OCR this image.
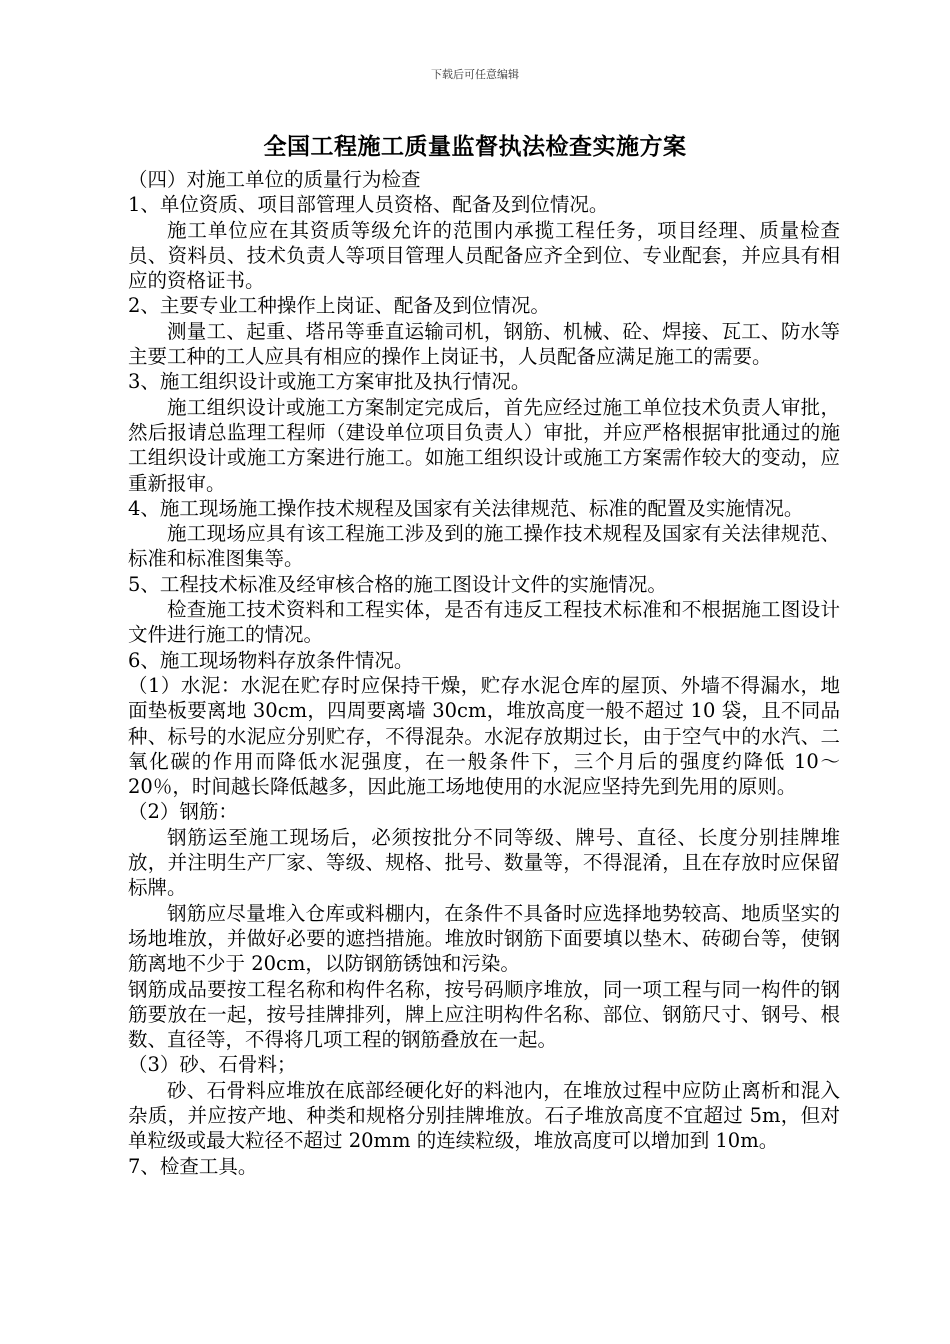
下载后可任意编辑
全国工程施工质量监督执法检查实施方案

（四）对施工单位的质量行为检查

1、单位资质、项目部管理人员资格、配备及到位情况。

施工单位应在其资质等级允许的范围内承揽工程任务，项目经理、质量检查员、资料员、技术负责人等项目管理人员配备应齐全到位、专业配套，并应具有相应的资格证书。

2、主要专业工种操作上岗证、配备及到位情况。

测量工、起重、塔吊等垂直运输司机，钢筋、机械、砼、焊接、瓦工、防水等主要工种的工人应具有相应的操作上岗证书，人员配备应满足施工的需要。

3、施工组织设计或施工方案审批及执行情况。

施工组织设计或施工方案制定完成后，首先应经过施工单位技术负责人审批，然后报请总监理工程师（建设单位项目负责人）审批，并应严格根据审批通过的施工组织设计或施工方案进行施工。如施工组织设计或施工方案需作较大的变动，应重新报审。

4、施工现场施工操作技术规程及国家有关法律规范、标准的配置及实施情况。

施工现场应具有该工程施工涉及到的施工操作技术规程及国家有关法律规范、标准和标准图集等。

5、工程技术标准及经审核合格的施工图设计文件的实施情况。

检查施工技术资料和工程实体，是否有违反工程技术标准和不根据施工图设计文件进行施工的情况。

6、施工现场物料存放条件情况。

（1）水泥：水泥在贮存时应保持干燥，贮存水泥仓库的屋顶、外墙不得漏水，地面垫板要离地 30cm，四周要离墙 30cm，堆放高度一般不超过 10 袋，且不同品种、标号的水泥应分别贮存，不得混杂。水泥存放期过长，由于空气中的水汽、二氧化碳的作用而降低水泥强度，在一般条件下，三个月后的强度约降低 10～20％，时间越长降低越多，因此施工场地使用的水泥应坚持先到先用的原则。

（2）钢筋：

钢筋运至施工现场后，必须按批分不同等级、牌号、直径、长度分别挂牌堆放，并注明生产厂家、等级、规格、批号、数量等，不得混淆，且在存放时应保留标牌。

钢筋应尽量堆入仓库或料棚内，在条件不具备时应选择地势较高、地质坚实的场地堆放，并做好必要的遮挡措施。堆放时钢筋下面要填以垫木、砖砌台等，使钢筋离地不少于 20cm，以防钢筋锈蚀和污染。

钢筋成品要按工程名称和构件名称，按号码顺序堆放，同一项工程与同一构件的钢筋要放在一起，按号挂牌排列，牌上应注明构件名称、部位、钢筋尺寸、钢号、根数、直径等，不得将几项工程的钢筋叠放在一起。

（3）砂、石骨料；

砂、石骨料应堆放在底部经硬化好的料池内，在堆放过程中应防止离析和混入杂质，并应按产地、种类和规格分别挂牌堆放。石子堆放高度不宜超过 5m，但对单粒级或最大粒径不超过 20mm 的连续粒级，堆放高度可以增加到 10m。

7、检查工具。
